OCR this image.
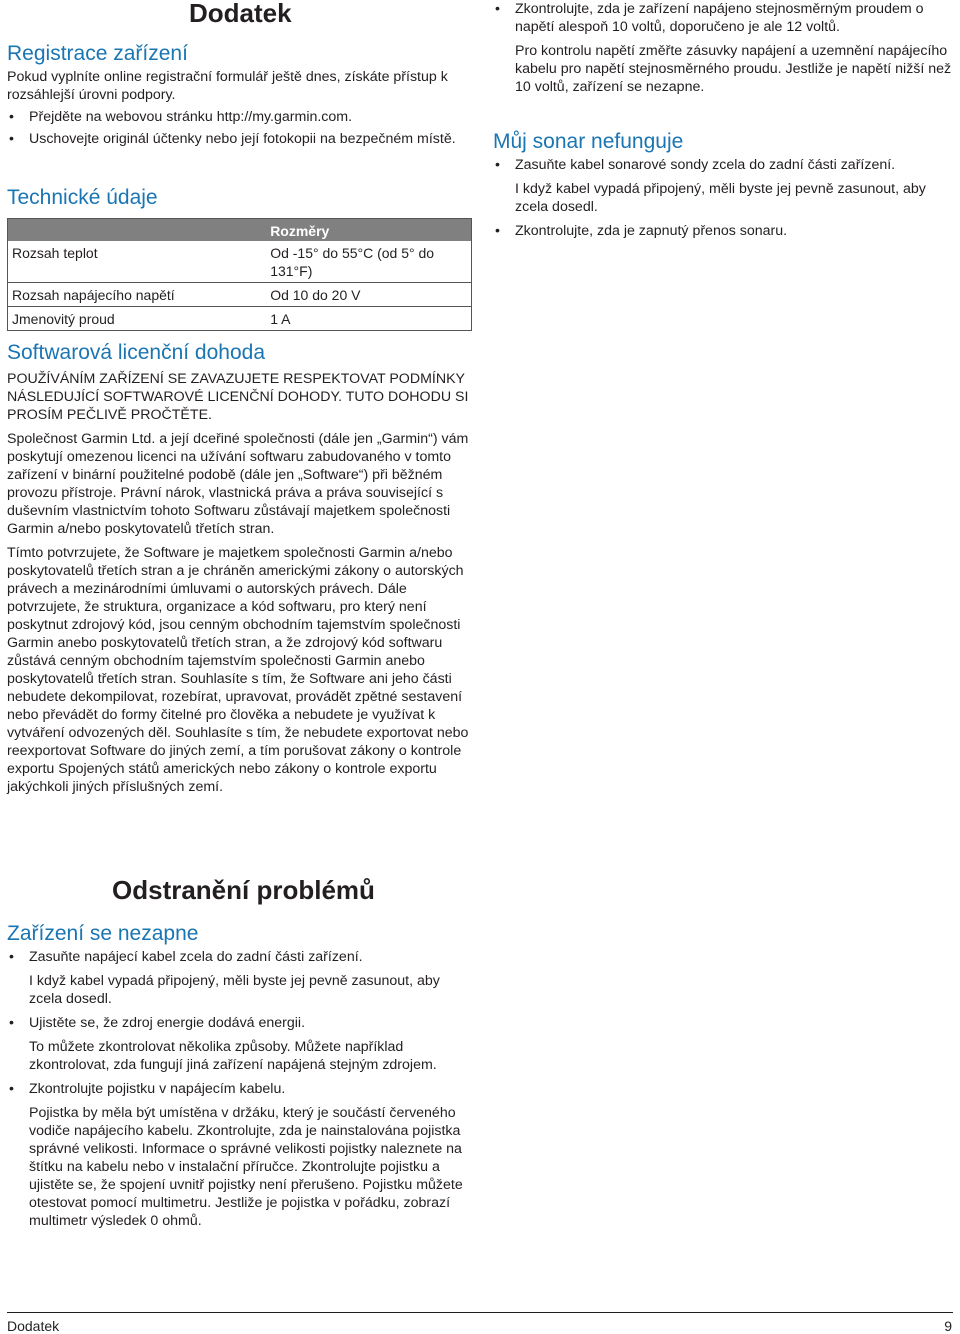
Dodatek
Registrace zařízení

Pokud vyplníte online registrační formulář ještě dnes, získáte přístup k rozsáhlejší úrovni podpory.

• Přejděte na webovou stránku http://my.garmin.com.
• Uschovejte originál účtenky nebo její fotokopii na bezpečném místě.
Technické údaje
	Rozměry
Rozsah teplot	Od -15° do 55°C (od 5° do 131°F)
Rozsah napájecího napětí	Od 10 do 20 V
Jmenovitý proud	1 A
Softwarová licenční dohoda

POUŽÍVÁNÍM ZAŘÍZENÍ SE ZAVAZUJETE RESPEKTOVAT PODMÍNKY NÁSLEDUJÍCÍ SOFTWAROVÉ LICENČNÍ DOHODY. TUTO DOHODU SI PROSÍM PEČLIVĚ PROČTĚTE.

Společnost Garmin Ltd. a její dceřiné společnosti (dále jen „Garmin“) vám poskytují omezenou licenci na užívání softwaru zabudovaného v tomto zařízení v binární použitelné podobě (dále jen „Software“) při běžném provozu přístroje. Právní nárok, vlastnická práva a práva související s duševním vlastnictvím tohoto Softwaru zůstávají majetkem společnosti Garmin a/nebo poskytovatelů třetích stran.

Tímto potvrzujete, že Software je majetkem společnosti Garmin a/nebo poskytovatelů třetích stran a je chráněn americkými zákony o autorských právech a mezinárodními úmluvami o autorských právech. Dále potvrzujete, že struktura, organizace a kód softwaru, pro který není poskytnut zdrojový kód, jsou cenným obchodním tajemstvím společnosti Garmin anebo poskytovatelů třetích stran, a že zdrojový kód softwaru zůstává cenným obchodním tajemstvím společnosti Garmin anebo poskytovatelů třetích stran. Souhlasíte s tím, že Software ani jeho části nebudete dekompilovat, rozebírat, upravovat, provádět zpětné sestavení nebo převádět do formy čitelné pro člověka a nebudete je využívat k vytváření odvozených děl. Souhlasíte s tím, že nebudete exportovat nebo reexportovat Software do jiných zemí, a tím porušovat zákony o kontrole exportu Spojených států amerických nebo zákony o kontrole exportu jakýchkoli jiných příslušných zemí.

Odstranění problémů
Zařízení se nezapne
• Zasuňte napájecí kabel zcela do zadní části zařízení.
I když kabel vypadá připojený, měli byste jej pevně zasunout, aby zcela dosedl.
• Ujistěte se, že zdroj energie dodává energii.
To můžete zkontrolovat několika způsoby. Můžete například zkontrolovat, zda fungují jiná zařízení napájená stejným zdrojem.
• Zkontrolujte pojistku v napájecím kabelu.
Pojistka by měla být umístěna v držáku, který je součástí červeného vodiče napájecího kabelu. Zkontrolujte, zda je nainstalována pojistka správné velikosti. Informace o správné velikosti pojistky naleznete na štítku na kabelu nebo v instalační příručce. Zkontrolujte pojistku a ujistěte se, že spojení uvnitř pojistky není přerušeno. Pojistku můžete otestovat pomocí multimetru. Jestliže je pojistka v pořádku, zobrazí multimetr výsledek 0 ohmů.
• Zkontrolujte, zda je zařízení napájeno stejnosměrným proudem o napětí alespoň 10 voltů, doporučeno je ale 12 voltů.
Pro kontrolu napětí změřte zásuvky napájení a uzemnění napájecího kabelu pro napětí stejnosměrného proudu. Jestliže je napětí nižší než 10 voltů, zařízení se nezapne.
Můj sonar nefunguje
• Zasuňte kabel sonarové sondy zcela do zadní části zařízení.
I když kabel vypadá připojený, měli byste jej pevně zasunout, aby zcela dosedl.
• Zkontrolujte, zda je zapnutý přenos sonaru.
Dodatek	9
